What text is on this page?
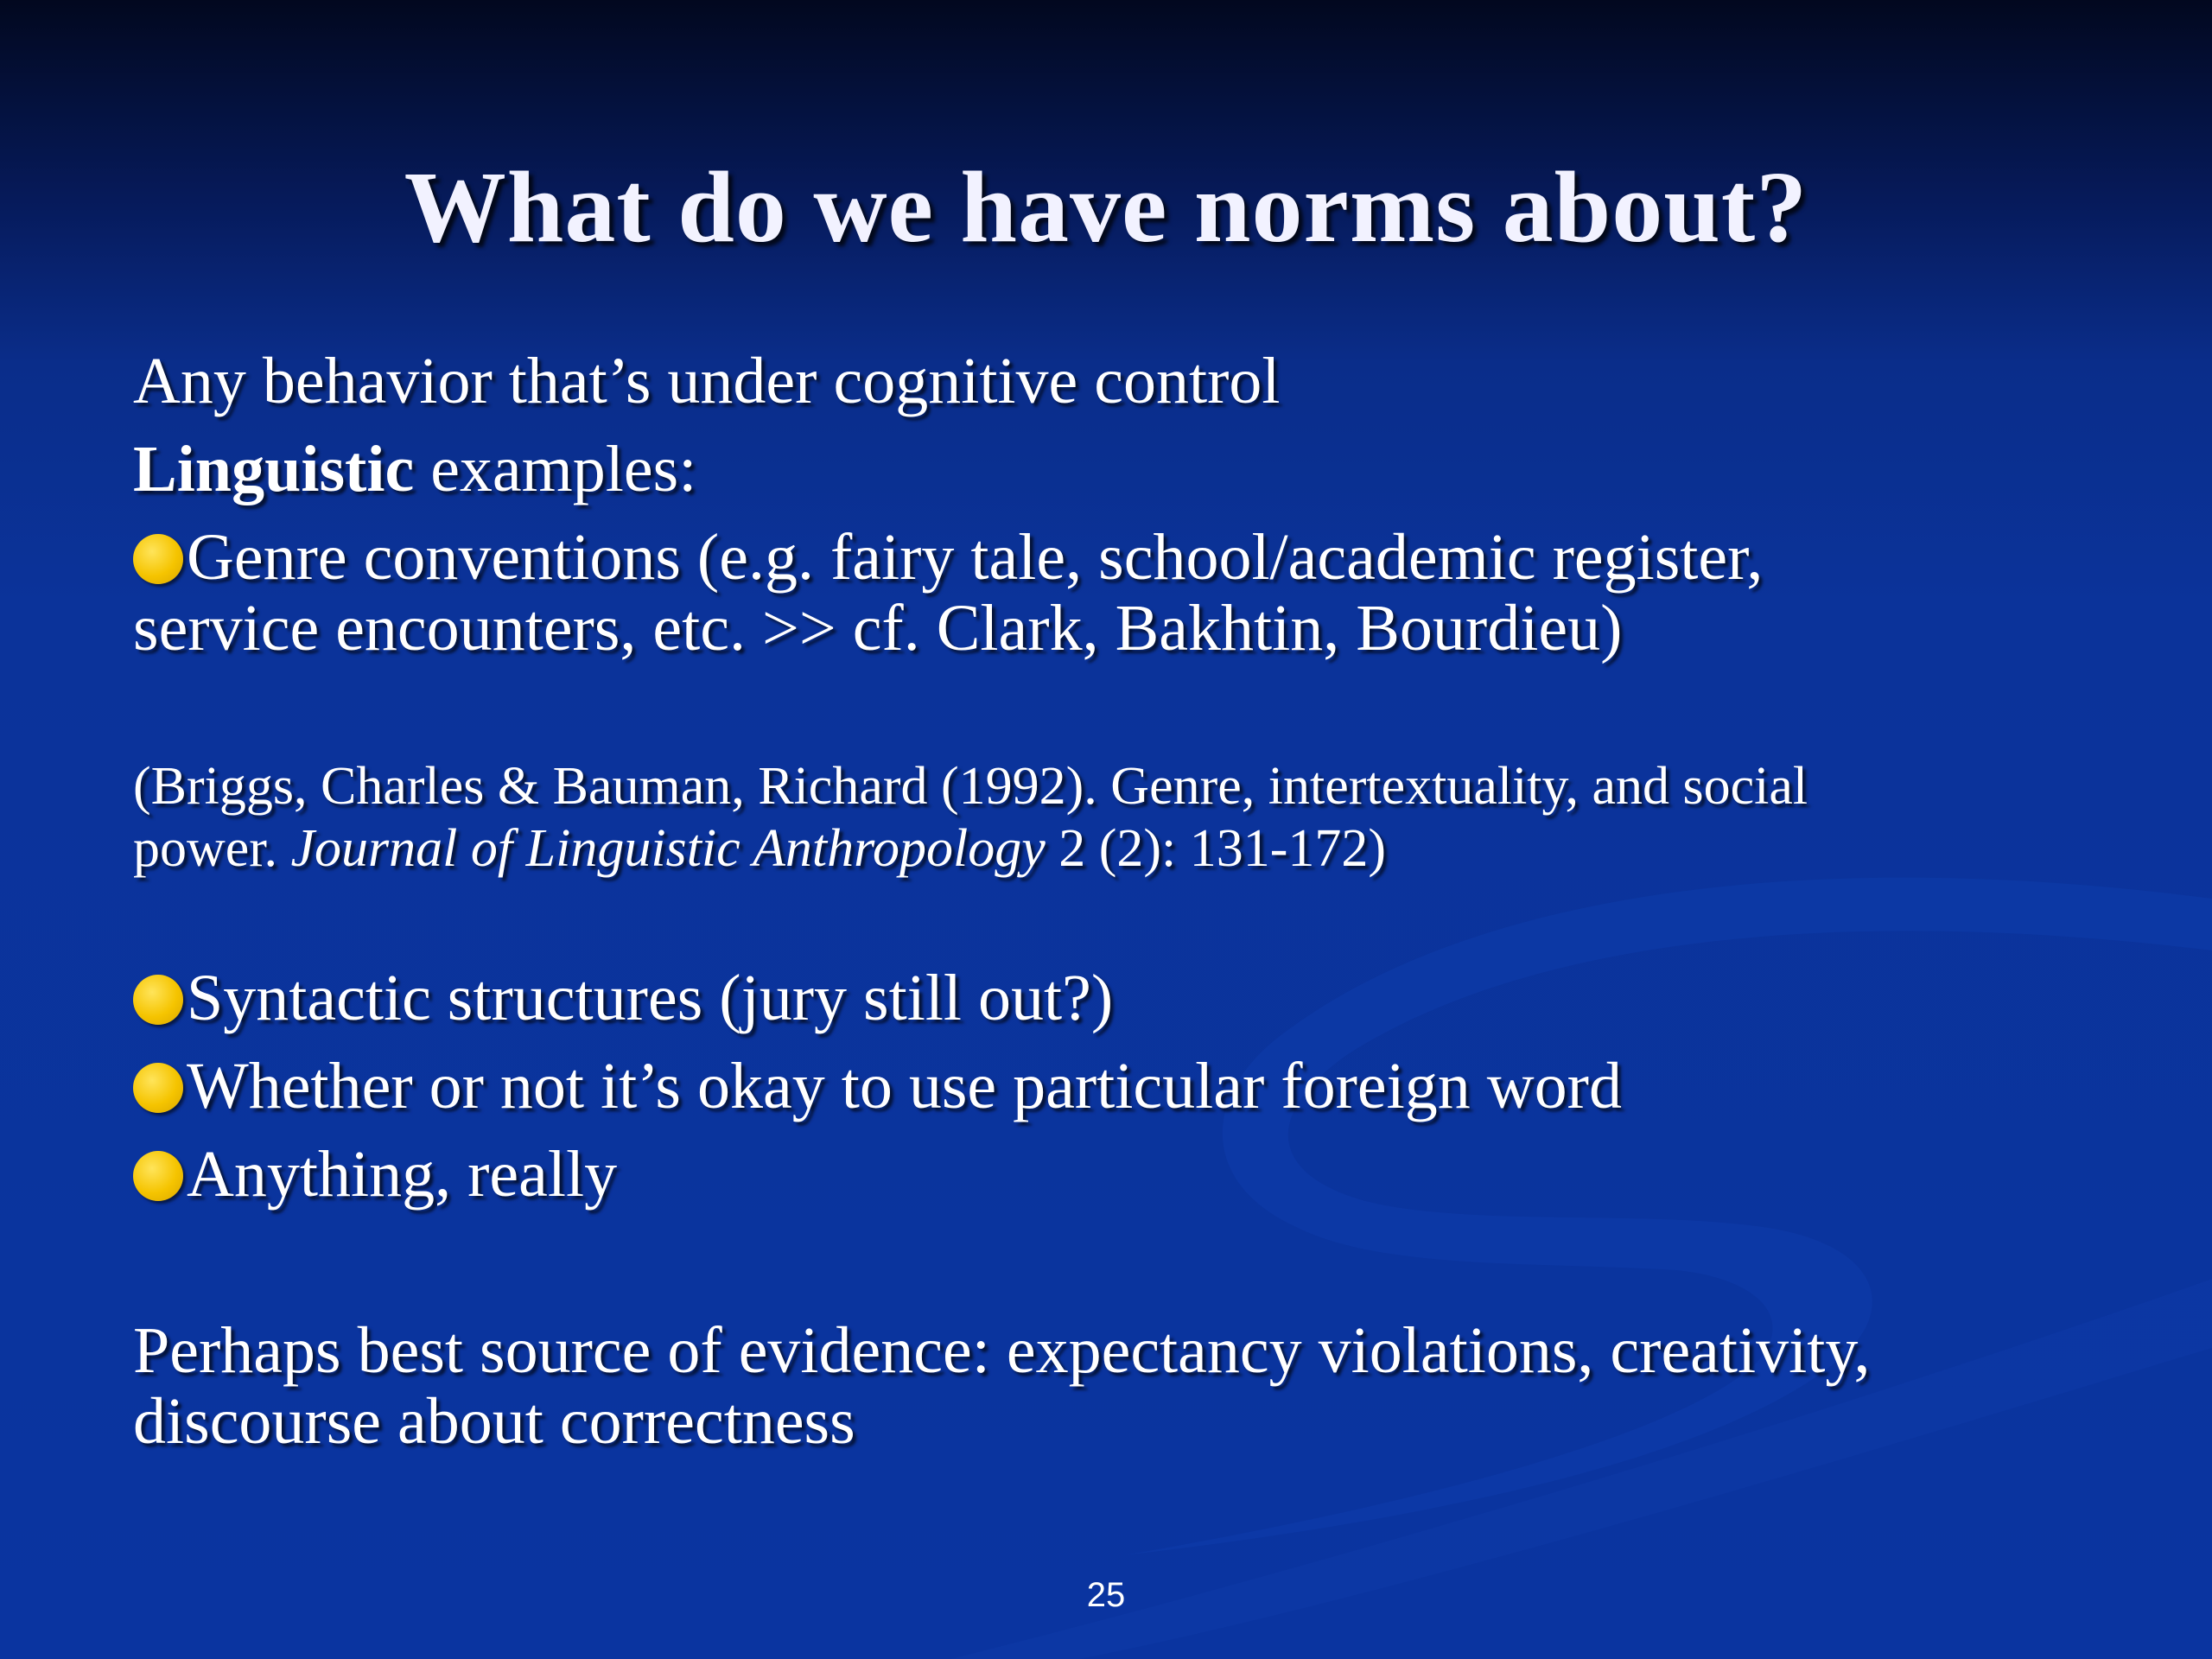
What do we have norms about?

Any behavior that’s under cognitive control

Linguistic examples:

Genre conventions (e.g. fairy tale, school/academic register,

service encounters, etc. >> cf. Clark, Bakhtin, Bourdieu)

(Briggs, Charles & Bauman, Richard (1992). Genre, intertextuality, and social

power. Journal of Linguistic Anthropology 2 (2): 131-172)

Syntactic structures (jury still out?)

Whether or not it’s okay to use particular foreign word

Anything, really

Perhaps best source of evidence: expectancy violations, creativity,

discourse about correctness

25
